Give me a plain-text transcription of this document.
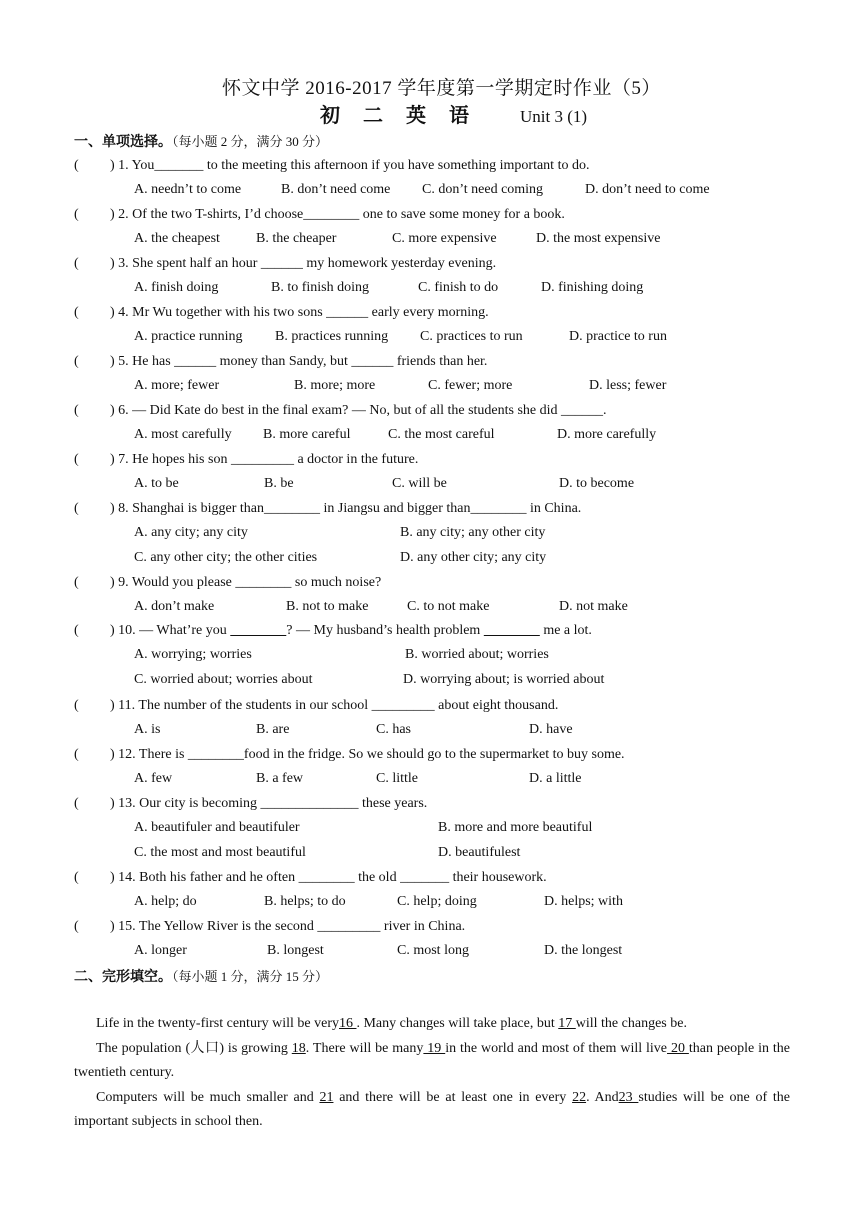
怀文中学 2016-2017 学年度第一学期定时作业（5）
初 二 英 语 Unit 3 (1)
一、单项选择。（每小题 2 分，满分 30 分）
( ) 1. You_______ to the meeting this afternoon if you have something important to do.
A. needn’t to come	B. don’t need come C. don’t need coming	D. don’t need to come
( ) 2. Of the two T-shirts, I’d choose________ one to save some money for a book.
A. the cheapest	B. the cheaper	C. more expensive	D. the most expensive
( ) 3. She spent half an hour ______ my homework yesterday evening.
A. finish doing	B. to finish doing	C. finish to do	D. finishing doing
( ) 4. Mr Wu together with his two sons ______ early every morning.
A. practice running B. practices running C. practices to run	D. practice to run
( ) 5. He has ______ money than Sandy, but ______ friends than her.
A. more; fewer	B. more; more	C. fewer; more	D. less; fewer
( ) 6. — Did Kate do best in the final exam? — No, but of all the students she did ______.
A. most carefully B. more careful	C. the most careful	D. more carefully
( ) 7. He hopes his son _________ a doctor in the future.
A. to be	B. be	C. will be	D. to become
( ) 8. Shanghai is bigger than________ in Jiangsu and bigger than________ in China.
A. any city; any city	B. any city; any other city
C. any other city; the other cities	D. any other city; any city
( ) 9. Would you please ________ so much noise?
A. don’t make	B. not to make	C. to not make	D. not make
( ) 10. — What’re you	? — My husband’s health problem	me a lot.
A. worrying; worries	B. worried about; worries
C. worried about; worries about	D. worrying about; is worried about
( ) 11. The number of the students in our school _________ about eight thousand.
A. is	B. are	C. has	D. have
( ) 12. There is ________food in the fridge. So we should go to the supermarket to buy some.
A. few	B. a few	C. little	D. a little
( ) 13. Our city is becoming ______________ these years.
A. beautifuler and beautifuler	B. more and more beautiful
C. the most and most beautiful	D. beautifulest
( ) 14. Both his father and he often ________ the old _______ their housework.
A. help; do	B. helps; to do	C. help; doing	D. helps; with
( ) 15. The Yellow River is the second _________ river in China.
A. longer	B. longest	C. most long	D. the longest
二、完形填空。（每小题 1 分，满分 15 分）

Life in the twenty-first century will be very16 . Many changes will take place, but 17 will the changes be.

The population (人口) is growing 18. There will be many 19 in the world and most of them will live 20 than people in the twentieth century.

Computers will be much smaller and 21 and there will be at least one in every 22. And23 studies will be one of the important subjects in school then.
